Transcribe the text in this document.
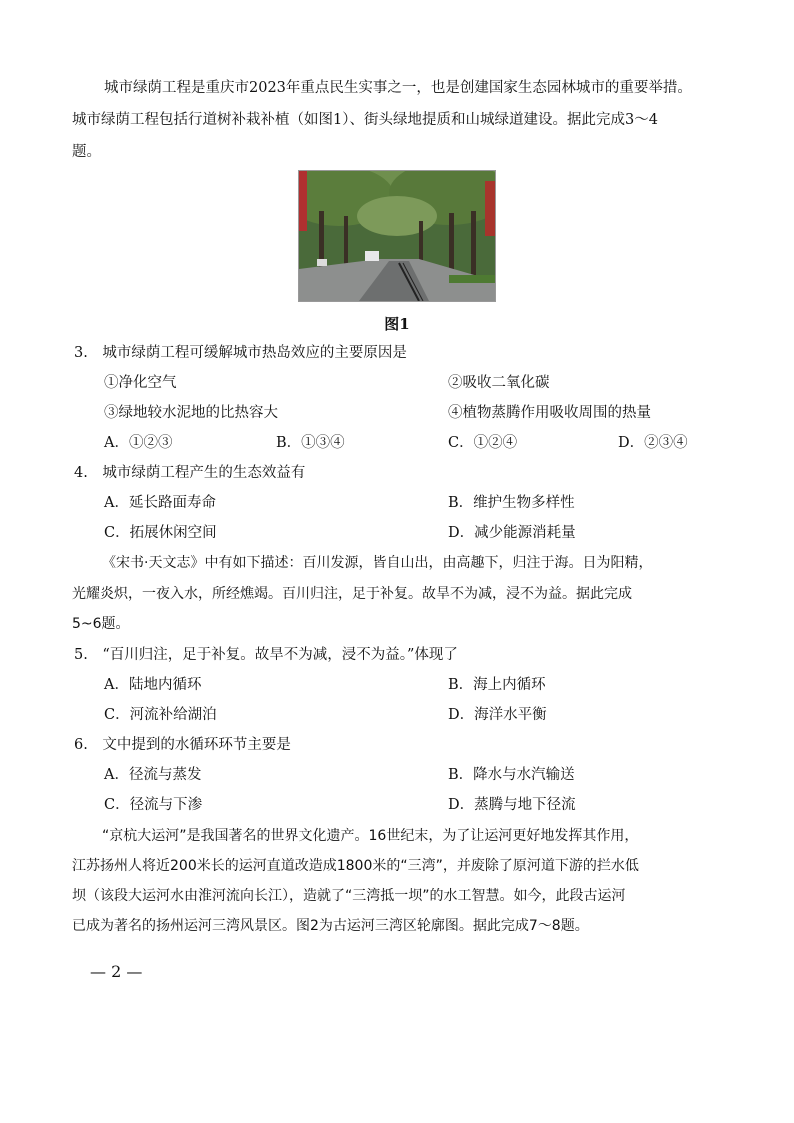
城市绿荫工程是重庆市2023年重点民生实事之一，也是创建国家生态园林城市的重要举措。
城市绿荫工程包括行道树补栽补植（如图1）、街头绿地提质和山城绿道建设。据此完成3～4
题。
图1
3.　城市绿荫工程可缓解城市热岛效应的主要原因是
①净化空气	②吸收二氧化碳
③绿地较水泥地的比热容大	④植物蒸腾作用吸收周围的热量
A．①②③	B．①③④	C．①②④	D．②③④
4.　城市绿荫工程产生的生态效益有
A．延长路面寿命	B．维护生物多样性
C．拓展休闲空间	D．减少能源消耗量
《宋书·天文志》中有如下描述：百川发源，皆自山出，由高趣下，归注于海。日为阳精，
光耀炎炽，一夜入水，所经燋竭。百川归注，足于补复。故旱不为减，浸不为益。据此完成
5~6题。
5.　“百川归注，足于补复。故旱不为减，浸不为益。”体现了
A．陆地内循环	B．海上内循环
C．河流补给湖泊	D．海洋水平衡
6.　文中提到的水循环环节主要是
A．径流与蒸发	B．降水与水汽输送
C．径流与下渗	D．蒸腾与地下径流
“京杭大运河”是我国著名的世界文化遗产。16世纪末，为了让运河更好地发挥其作用，
江苏扬州人将近200米长的运河直道改造成1800米的“三湾”，并废除了原河道下游的拦水低
坝（该段大运河水由淮河流向长江），造就了“三湾抵一坝”的水工智慧。如今，此段古运河
已成为著名的扬州运河三湾风景区。图2为古运河三湾区轮廓图。据此完成7～8题。
— 2 —
